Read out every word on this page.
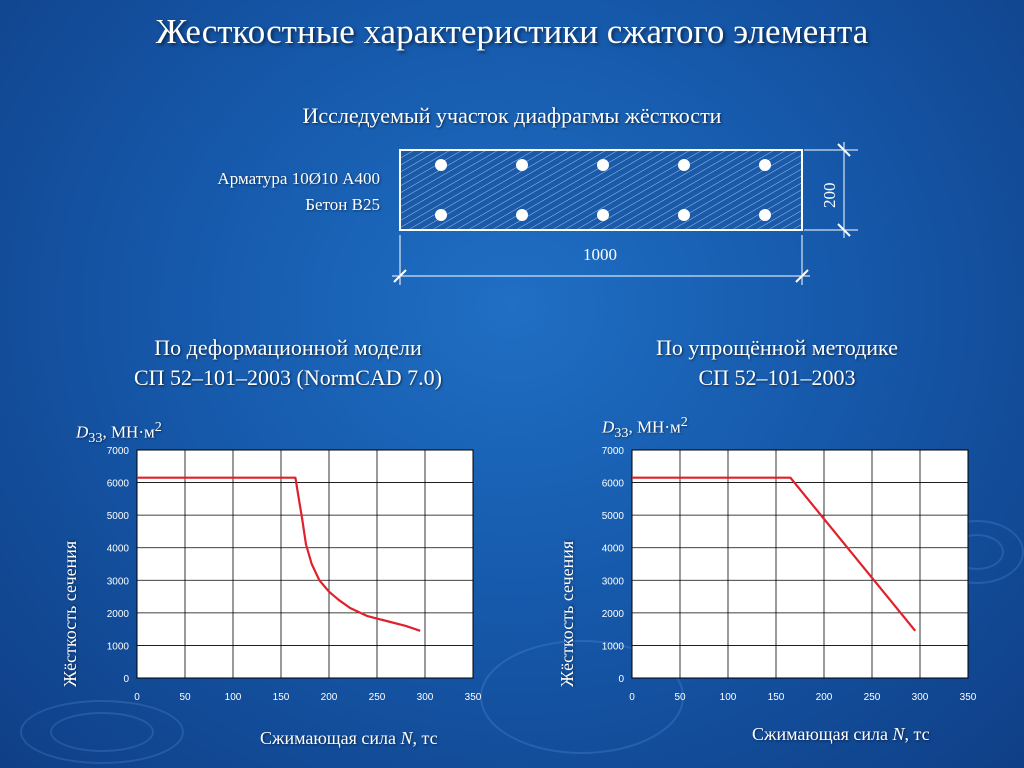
Жесткостные характеристики сжатого элемента
Исследуемый участок диафрагмы жёсткости
Арматура 10Ø10 А400
Бетон В25
1000
200
По деформационной модели
СП 52–101–2003 (NormCAD 7.0)
По упрощённой методике
СП 52–101–2003
$D_{33}$, $МН\cdot м^2$	$D_{33}$, $МН\cdot м^2$
Жёсткость сечения	Жёсткость сечения
0	50	100	150	200	250	300	350
0
1000
2000
3000
4000
5000
6000
7000
0	50	100	150	200	250	300	350
0
1000
2000
3000
4000
5000
6000
7000
Сжимающая сила N, тс	Сжимающая сила N, тс
